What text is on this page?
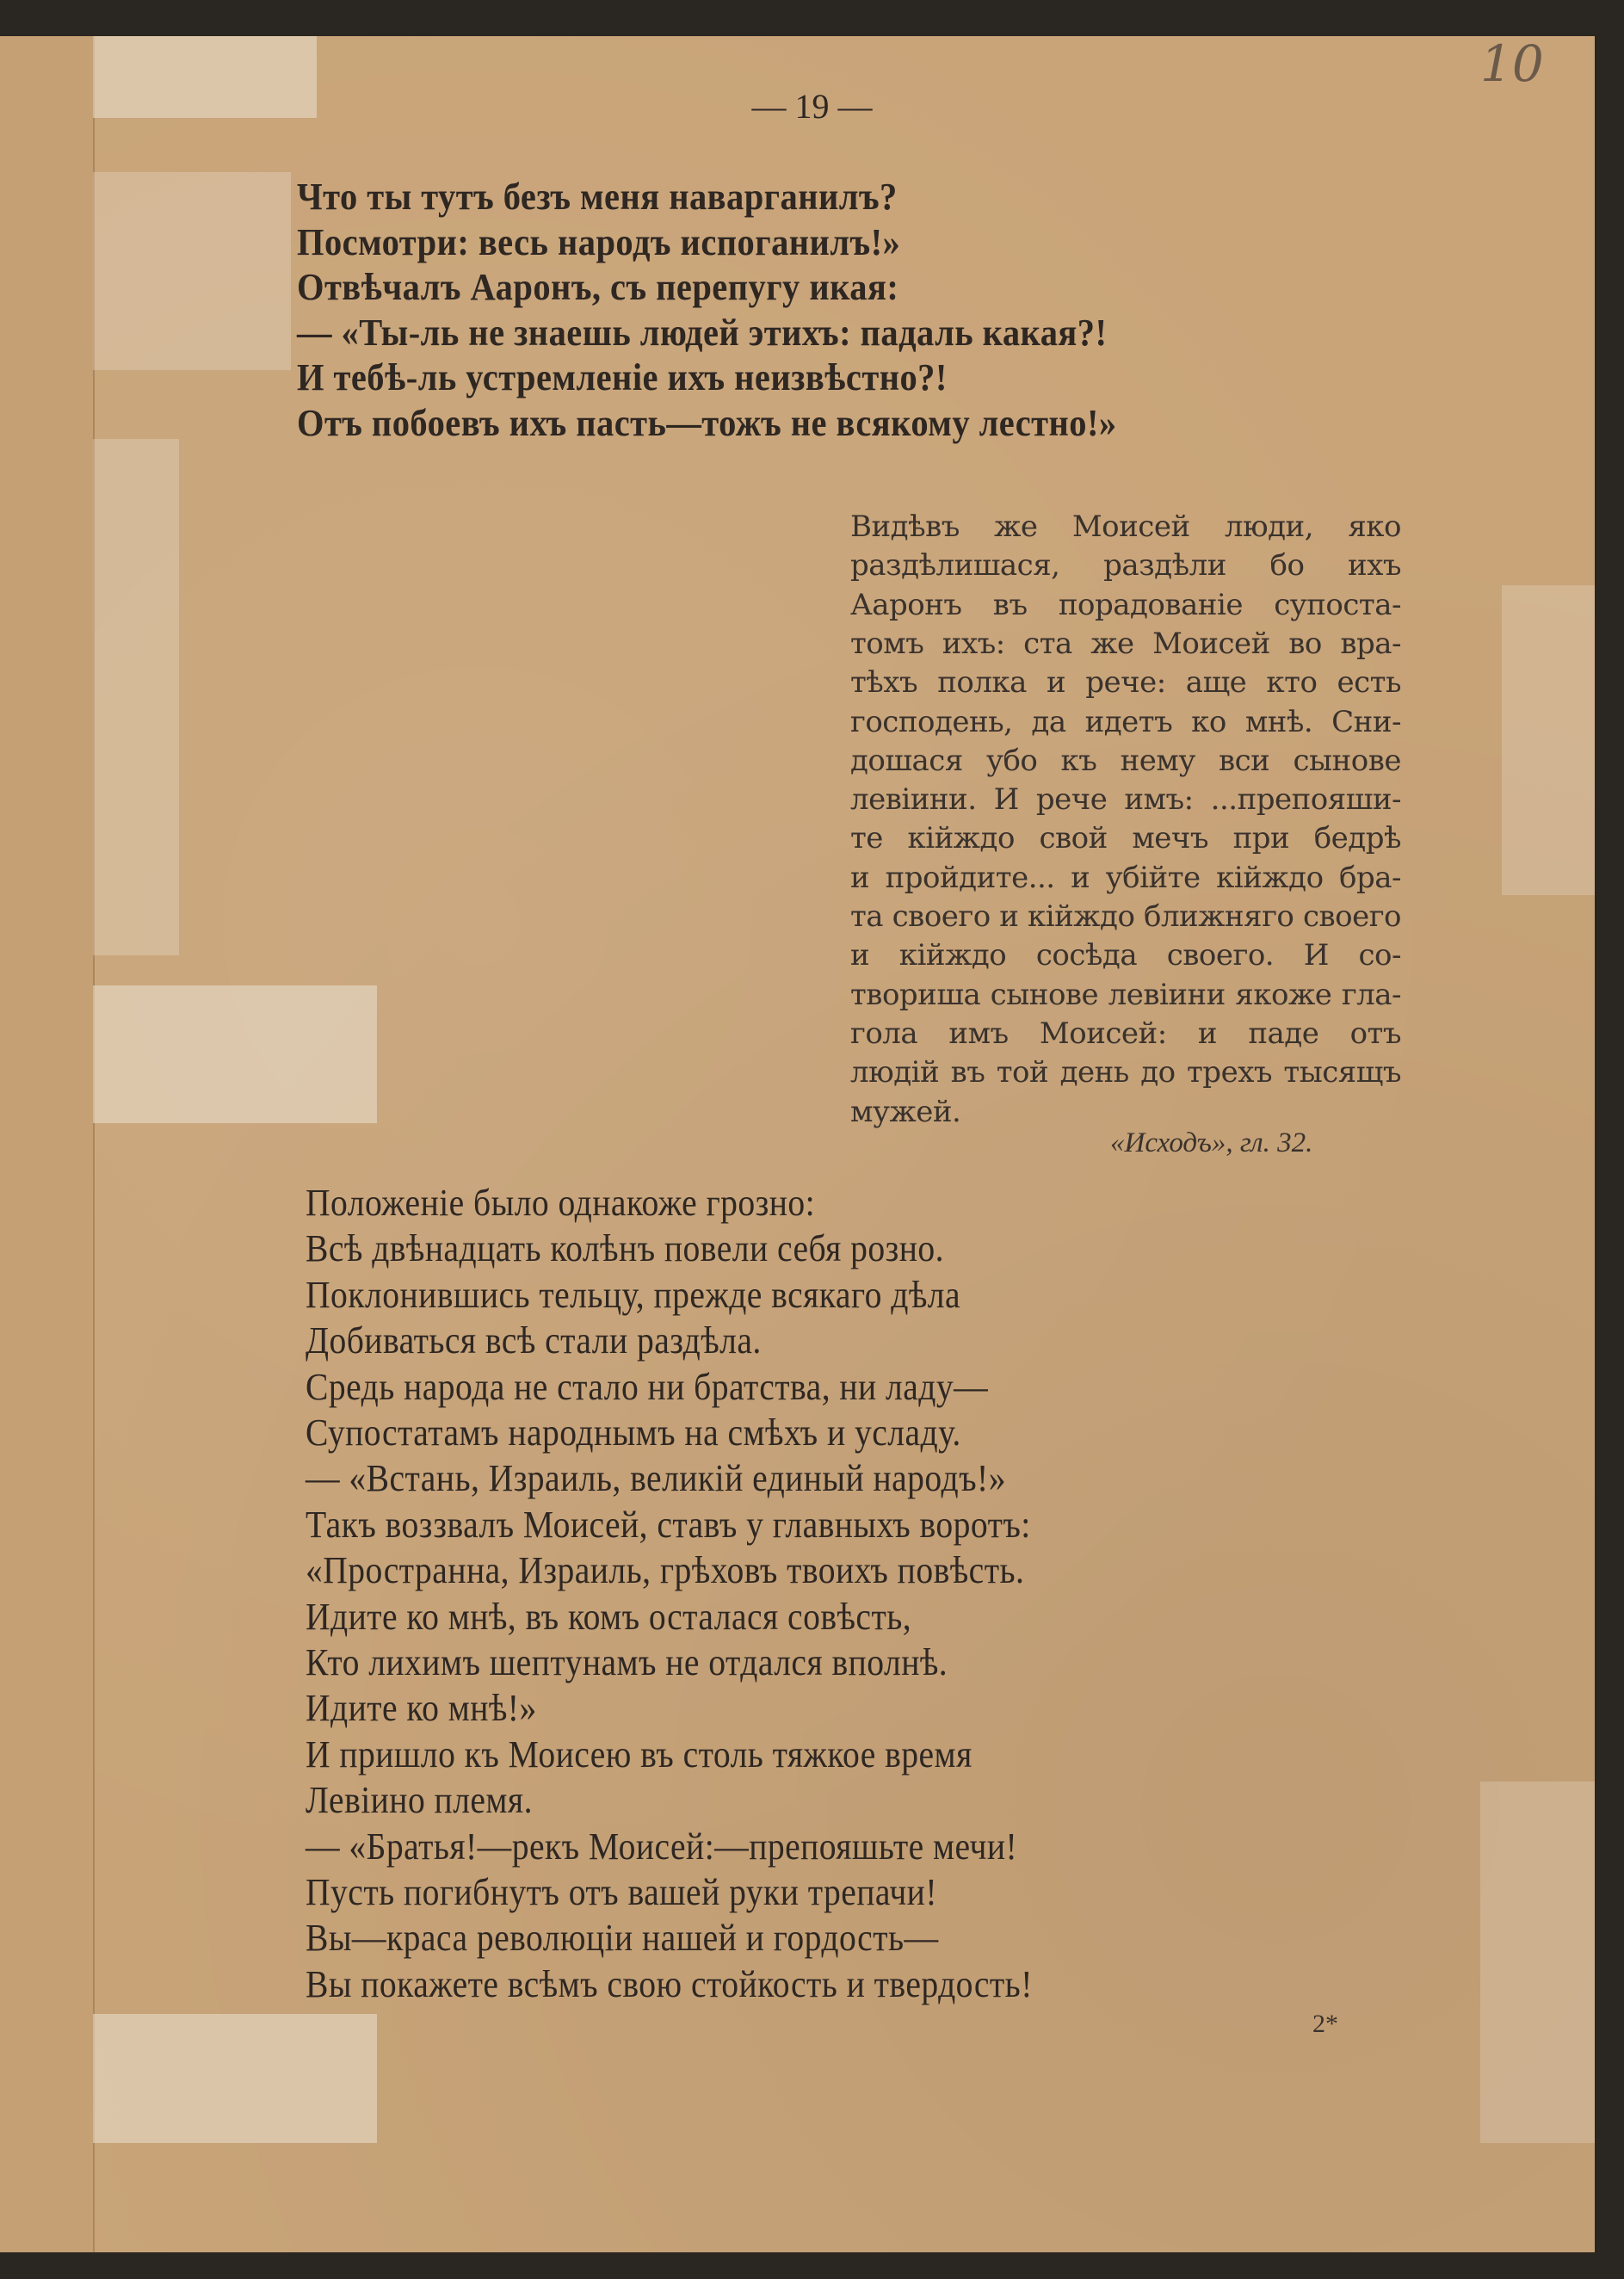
— 19 —
10
Что ты тутъ безъ меня наварганилъ?
Посмотри: весь народъ испоганилъ!»
Отвѣчалъ Ааронъ, съ перепугу икая:
— «Ты-ль не знаешь людей этихъ: падаль какая?!
И тебѣ-ль устремленіе ихъ неизвѣстно?!
Отъ побоевъ ихъ пасть—тожъ не всякому лестно!»
Видѣвъ же Моисей люди, яко
раздѣлишася, раздѣли бо ихъ
Ааронъ въ порадованіе супоста-
томъ ихъ: ста же Моисей во вра-
тѣхъ полка и рече: аще кто есть
господень, да идетъ ко мнѣ. Сни-
дошася убо къ нему вси сынове
левіини. И рече имъ: ...препояши-
те кійждо свой мечъ при бедрѣ
и пройдите... и убійте кійждо бра-
та своего и кійждо ближняго своего
и кійждо сосѣда своего. И со-
твориша сынове левіини якоже гла-
гола имъ Моисей: и паде отъ
людій въ той день до трехъ тысящъ
мужей.
«Исходъ», гл. 32.
Положеніе было однакоже грозно:
Всѣ двѣнадцать колѣнъ повели себя розно.
Поклонившись тельцу, прежде всякаго дѣла
Добиваться всѣ стали раздѣла.
Средь народа не стало ни братства, ни ладу—
Супостатамъ народнымъ на смѣхъ и усладу.
— «Встань, Израиль, великій единый народъ!»
Такъ воззвалъ Моисей, ставъ у главныхъ воротъ:
«Пространна, Израиль, грѣховъ твоихъ повѣсть.
Идите ко мнѣ, въ комъ осталася совѣсть,
Кто лихимъ шептунамъ не отдался вполнѣ.
Идите ко мнѣ!»
И пришло къ Моисею въ столь тяжкое время
Левіино племя.
— «Братья!—рекъ Моисей:—препояшьте мечи!
Пусть погибнутъ отъ вашей руки трепачи!
Вы—краса революціи нашей и гордость—
Вы покажете всѣмъ свою стойкость и твердость!
2*
